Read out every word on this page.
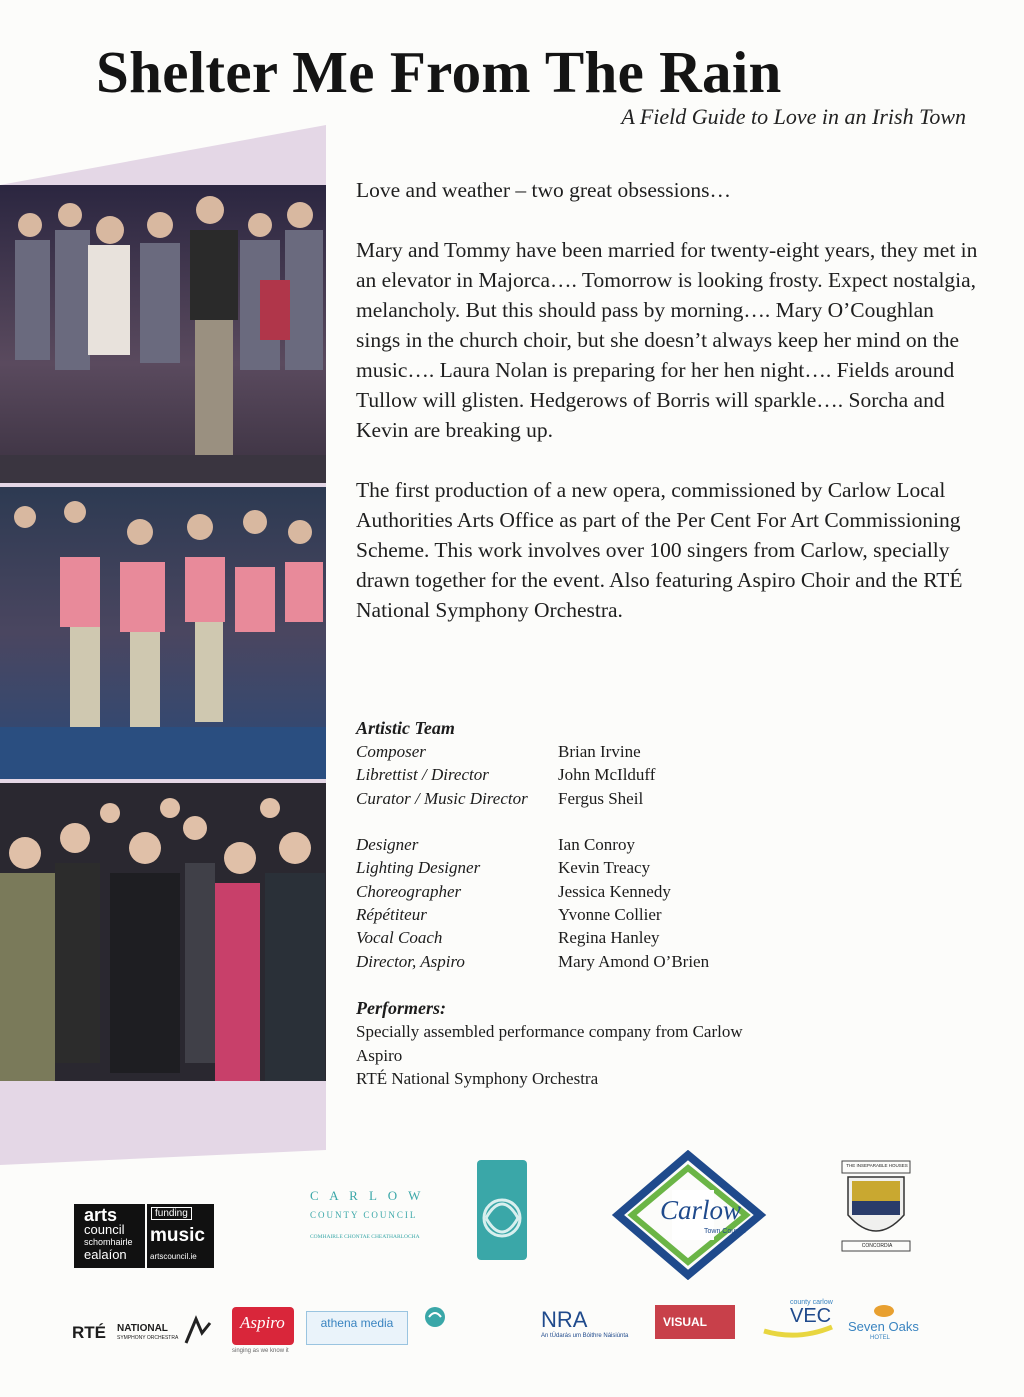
Shelter Me From The Rain

A Field Guide to Love in an Irish Town

Love and weather – two great obsessions…

Mary and Tommy have been married for twenty-eight years, they met in an elevator in Majorca…. Tomorrow is looking frosty. Expect nostalgia, melancholy. But this should pass by morning…. Mary O’Coughlan sings in the church choir, but she doesn’t always keep her mind on the music…. Laura Nolan is preparing for her hen night…. Fields around Tullow will glisten. Hedgerows of Borris will sparkle…. Sorcha and Kevin are breaking up.

The first production of a new opera, commissioned by Carlow Local Authorities Arts Office as part of the Per Cent For Art Commissioning Scheme. This work involves over 100 singers from Carlow, specially drawn together for the event. Also featuring Aspiro Choir and the RTÉ National Symphony Orchestra.

Artistic Team

Composer	Brian Irvine
Librettist / Director	John McIlduff
Curator / Music Director	Fergus Sheil
Designer	Ian Conroy
Lighting Designer	Kevin Treacy
Choreographer	Jessica Kennedy
Répétiteur	Yvonne Collier
Vocal Coach	Regina Hanley
Director, Aspiro	Mary Amond O’Brien

Performers:

Specially assembled performance company from Carlow
Aspiro
RTÉ National Symphony Orchestra
arts
council
schomhairle
ealaíon
funding
music
artscouncil.ie
C A R L O W
COUNTY COUNCIL
COMHAIRLE CHONTAE CHEATHARLOCHA
Carlow
Town Council
THE INSEPARABLE HOUSES
CONCORDIA
RTÉ NATIONAL
SYMPHONY ORCHESTRA
Aspiro
singing as we know it
athena media	NRA
An tÚdarás um Bóithre Náisiúnta
VISUAL
county carlow
VEC Seven Oaks
HOTEL
